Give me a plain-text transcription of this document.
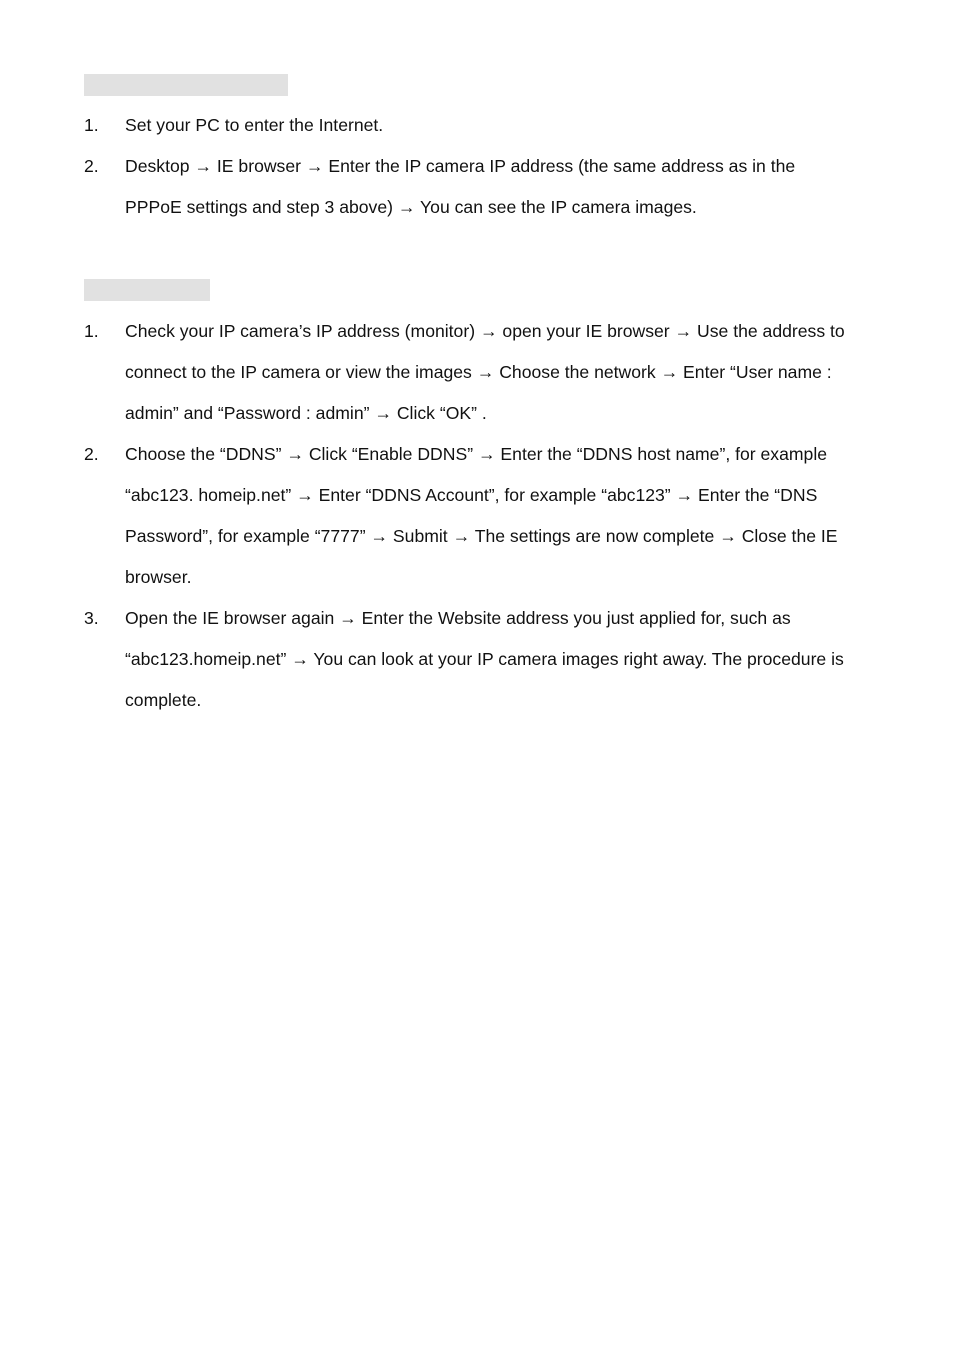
1.	Set your PC to enter the Internet.
2.	Desktop → IE browser → Enter the IP camera IP address (the same address as in the PPPoE settings and step 3 above) → You can see the IP camera images.
1.	Check your IP camera’s IP address (monitor) → open your IE browser → Use the address to connect to the IP camera or view the images → Choose the network → Enter “User name : admin” and “Password : admin” → Click “OK” .
2.	Choose the “DDNS” → Click “Enable DDNS” → Enter the “DDNS host name”, for example “abc123. homeip.net” → Enter “DDNS Account”, for example “abc123” → Enter the “DNS Password”, for example “7777” → Submit → The settings are now complete → Close the IE browser.
3.	Open the IE browser again → Enter the Website address you just applied for, such as “abc123.homeip.net” → You can look at your IP camera images right away. The procedure is complete.
